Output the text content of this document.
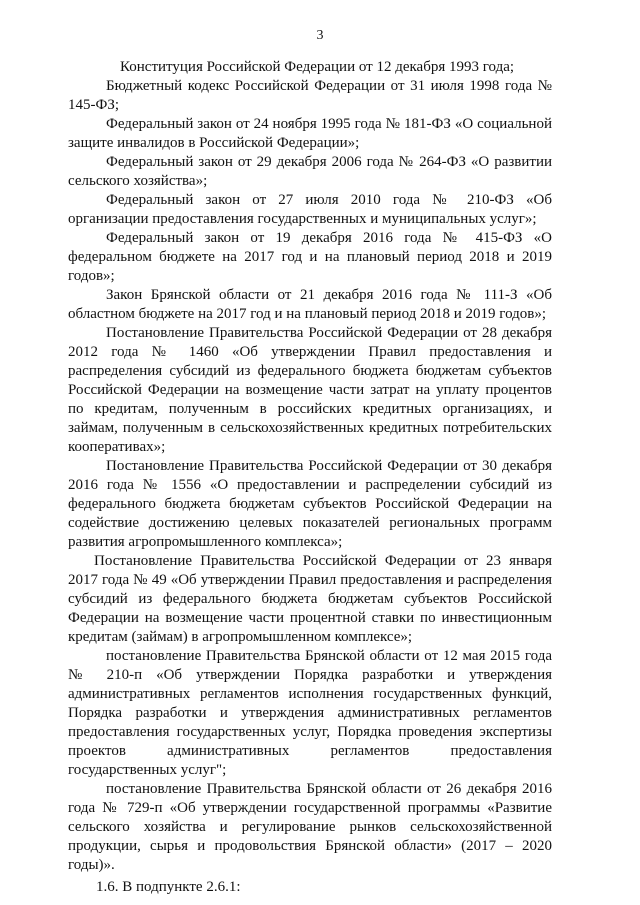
3

Конституция Российской Федерации от 12 декабря 1993 года;

Бюджетный кодекс Российской Федерации от 31 июля 1998 года № 145-ФЗ;

Федеральный закон от 24 ноября 1995 года № 181-ФЗ «О социальной защите инвалидов в Российской Федерации»;

Федеральный закон от 29 декабря 2006 года № 264-ФЗ «О развитии сельского хозяйства»;

Федеральный закон от 27 июля 2010 года № 210-ФЗ «Об организации предоставления государственных и муниципальных услуг»;

Федеральный закон от 19 декабря 2016 года № 415-ФЗ «О федеральном бюджете на 2017 год и на плановый период 2018 и 2019 годов»;

Закон Брянской области от 21 декабря 2016 года № 111-З «Об областном бюджете на 2017 год и на плановый период 2018 и 2019 годов»;

Постановление Правительства Российской Федерации от 28 декабря 2012 года № 1460 «Об утверждении Правил предоставления и распределения субсидий из федерального бюджета бюджетам субъектов Российской Федерации на возмещение части затрат на уплату процентов по кредитам, полученным в российских кредитных организациях, и займам, полученным в сельскохозяйственных кредитных потребительских кооперативах»;

Постановление Правительства Российской Федерации от 30 декабря 2016 года № 1556 «О предоставлении и распределении субсидий из федерального бюджета бюджетам субъектов Российской Федерации на содействие достижению целевых показателей региональных программ развития агропромышленного комплекса»;

Постановление Правительства Российской Федерации от 23 января 2017 года № 49 «Об утверждении Правил предоставления и распределения субсидий из федерального бюджета бюджетам субъектов Российской Федерации на возмещение части процентной ставки по инвестиционным кредитам (займам) в агропромышленном комплексе»;

постановление Правительства Брянской области от 12 мая 2015 года № 210-п «Об утверждении Порядка разработки и утверждения административных регламентов исполнения государственных функций, Порядка разработки и утверждения административных регламентов предоставления государственных услуг, Порядка проведения экспертизы проектов административных регламентов предоставления государственных услуг";

постановление Правительства Брянской области от 26 декабря 2016 года № 729-п «Об утверждении государственной программы «Развитие сельского хозяйства и регулирование рынков сельскохозяйственной продукции, сырья и продовольствия Брянской области» (2017 – 2020 годы)».

1.6. В подпункте 2.6.1:
